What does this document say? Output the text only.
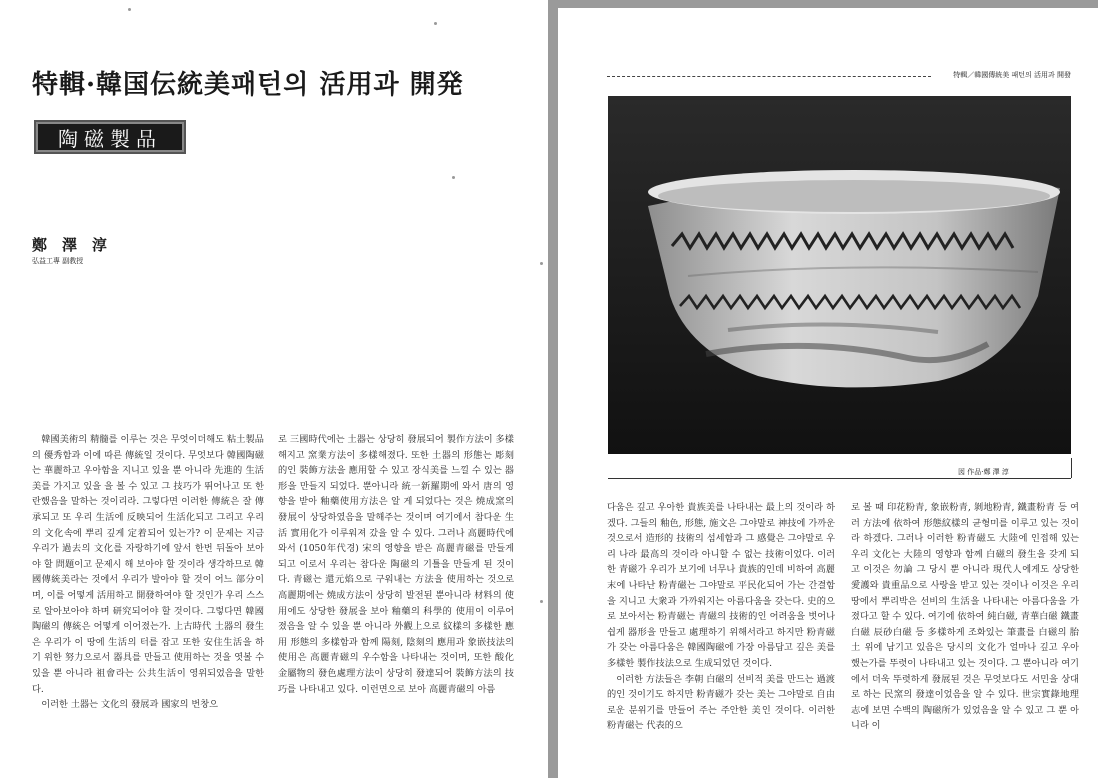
特輯·韓国伝統美패턴의 活用과 開発
陶磁製品
鄭　澤　淳
弘益工專 副教授

韓國美術의 精髓를 이루는 것은 무엇이더해도 粘土製品의 優秀함과 이에 따른 傳統일 것이다. 무엇보다 韓國陶磁는 華麗하고 우아함을 지니고 있을 뿐 아니라 先進的 生活美를 가지고 있을 을 볼 수 있고 그 技巧가 뛰어나고 또 한란했음을 말하는 것이리라. 그렇다면 이러한 傳統은 잘 傳承되고 또 우리 生活에 反映되어 生活化되고 그리고 우리의 文化속에 뿌리 깊게 定着되어 있는가? 이 문제는 지금 우리가 過去의 文化를 자랑하기에 앞서 한번 뒤돌아 보아야 할 問題이고 문제시 해 보아야 할 것이라 생각하므로 韓國傳統美라는 것에서 우리가 발아야 할 것이 어느 部分이며, 이를 어떻게 活用하고 開發하여야 할 것인가 우리 스스로 알아보아야 하며 研究되어야 할 것이다. 그렇다면 韓國陶磁의 傳統은 어떻게 이어졌는가. 上古時代 土器의 發生은 우리가 이 땅에 生活의 터를 잡고 또한 安住生活을 하기 위한 努力으로서 器具를 만들고 使用하는 것을 엿볼 수 있을 뿐 아니라 祖會라는 公共生活이 영위되었음을 말한다.

이러한 土器는 文化의 發展과 國家의 번창으

로 三國時代에는 土器는 상당히 發展되어 製作方法이 多樣해지고 窯業方法이 多樣해졌다. 또한 土器의 形態는 彫刻的인 裝飾方法을 應用할 수 있고 장식美를 느낄 수 있는 器形을 만들지 되었다. 뿐아니라 統一新羅期에 와서 唐의 영향을 받아 釉藥使用方法은 알 게 되었다는 것은 燒成窯의 發展이 상당하였음을 말해주는 것이며 여기에서 참다운 生活 實用化가 이루워져 갔을 알 수 있다. 그러나 高麗時代에 와서 (1050年代경) 宋의 영향을 받은 高麗青磁를 만들게 되고 이로서 우리는 참다운 陶磁의 기틀을 만들게 된 것이다. 青磁는 還元焰으로 구워내는 方法을 使用하는 것으로 高麗期에는 燒成方法이 상당히 발전된 뿐아니라 材料의 使用에도 상당한 發展을 보아 釉藥의 科學的 使用이 이루어졌음을 알 수 있을 뿐 아니라 外觀上으로 紋樣의 多樣한 應用 形態의 多樣함과 함께 陽刻, 陰刻의 應用과 象嵌技法의 使用은 高麗青磁의 우수함을 나타내는 것이며, 또한 酸化金屬物의 發色處理方法이 상당히 發達되어 裝飾方法의 技巧를 나타내고 있다. 이런면으로 보아 高麗青磁의 아름

特輯／韓國傳統美 패턴의 活用과 開發
図 作品·鄭 澤 淳

다움은 깊고 우아한 貴族美를 나타내는 最上의 것이라 하겠다. 그들의 釉色, 形態, 施文은 그야말로 神技에 가까운 것으로서 造形的 技術의 섬세함과 그 感覺은 그야말로 우리 나라 最高의 것이라 아니할 수 없는 技術이었다. 이러한 青磁가 우리가 보기에 너무나 貴族的인데 비하여 高麗末에 나타난 粉青磁는 그야말로 平民化되어 가는 간결함을 지니고 大衆과 가까워지는 아름다움을 갖는다. 史的으로 보아서는 粉青磁는 青磁의 技術的인 어려움을 벗어나 쉽게 器形을 만들고 處理하기 위해서라고 하지만 粉青磁가 갖는 아름다움은 韓國陶磁에 가장 아름답고 깊은 美를 多樣한 製作技法으로 生成되었던 것이다.

이러한 方法들은 李朝 白磁의 선비적 美를 만드는 過渡的인 것이기도 하지만 粉青磁가 갖는 美는 그야말로 自由로운 분위기를 만들어 주는 주안한 美인 것이다. 이러한 粉青磁는 代表的으

로 볼 때 印花粉青, 象嵌粉青, 剝地粉青, 鐵畫粉青 등 여러 方法에 依하여 形態紋樣의 균형미를 이루고 있는 것이라 하겠다. 그러나 이러한 粉青磁도 大陸에 인접해 있는 우리 文化는 大陸의 영향과 함께 白磁의 發生을 갖게 되고 이것은 勿論 그 당시 뿐 아니라 現代人에게도 상당한 愛護와 貴重品으로 사랑을 받고 있는 것이나 이것은 우리 땅에서 뿌리박은 선비의 生活을 나타내는 아름다움을 가졌다고 할 수 있다. 여기에 依하여 純白磁, 青華白磁 鐵畫白磁 辰砂白磁 등 多樣하게 조화있는 筆畫를 白磁의 胎土 위에 남기고 있음은 당시의 文化가 얼마나 깊고 우아했는가를 뚜렷이 나타내고 있는 것이다. 그 뿐아니라 여기에서 더욱 뚜렷하게 發展된 것은 무엇보다도 서민을 상대로 하는 民窯의 發達이었음을 알 수 있다. 世宗實錄地理志에 보면 수백의 陶磁所가 있었음을 알 수 있고 그 뿐 아니라 이
